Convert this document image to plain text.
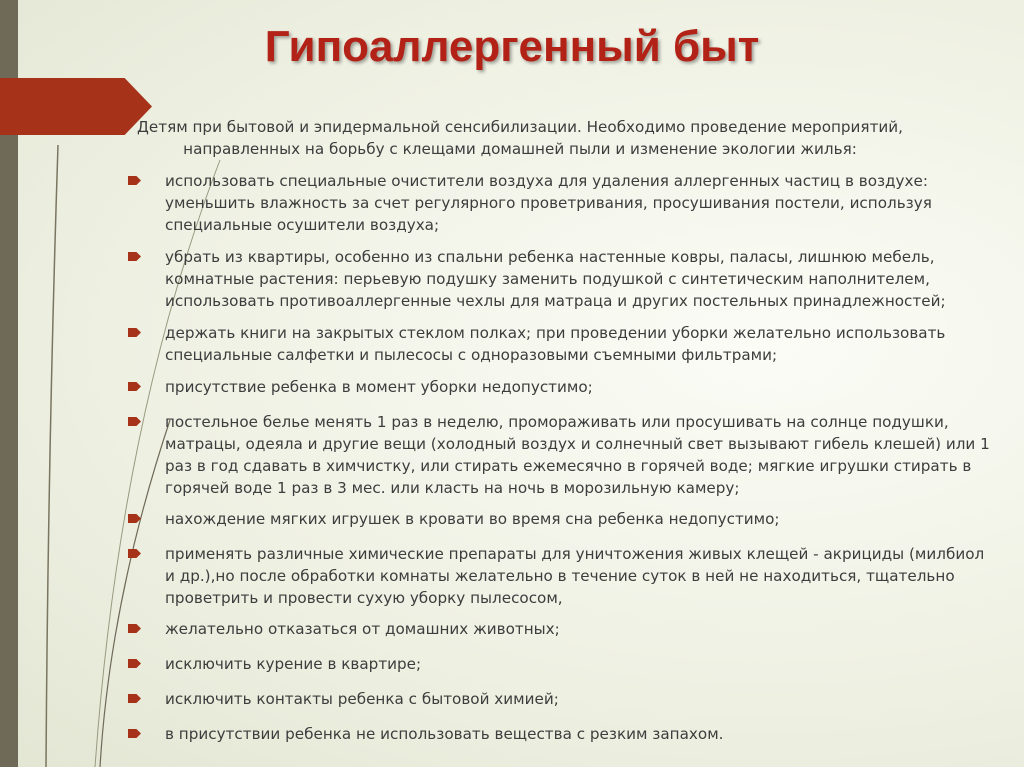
Гипоаллергенный быт
Детям при бытовой и эпидермальной сенсибилизации. Необходимо проведение мероприятий, направленных на борьбу с клещами домашней пыли и изменение экологии жилья:
использовать специальные очистители воздуха для удаления аллергенных частиц в воздухе: уменьшить влажность за счет регулярного проветривания, просушивания постели, используя специальные осушители воздуха;
убрать из квартиры, особенно из спальни ребенка настенные ковры, паласы, лишнюю мебель, комнатные растения: перьевую подушку заменить подушкой с синтетическим наполнителем, использовать противоаллергенные чехлы для матраца и других постельных принадлежностей;
держать книги на закрытых стеклом полках; при проведении уборки желательно использовать специальные салфетки и пылесосы с одноразовыми съемными фильтрами;
присутствие ребенка в момент уборки недопустимо;
постельное белье менять 1 раз в неделю, промораживать или просушивать на солнце подушки, матрацы, одеяла и другие вещи (холодный воздух и солнечный свет вызывают гибель клешей) или 1 раз в год сдавать в химчистку, или стирать ежемесячно в горячей воде; мягкие игрушки стирать в горячей воде 1 раз в 3 мес. или класть на ночь в морозильную камеру;
нахождение мягких игрушек в кровати во время сна ребенка недопустимо;
применять различные химические препараты для уничтожения живых клещей - акрициды (милбиол и др.),но после обработки комнаты желательно в течение суток в ней не находиться, тщательно проветрить и провести сухую уборку пылесосом,
желательно отказаться от домашних животных;
исключить курение в квартире;
исключить контакты ребенка с бытовой химией;
в присутствии ребенка не использовать вещества с резким запахом.
